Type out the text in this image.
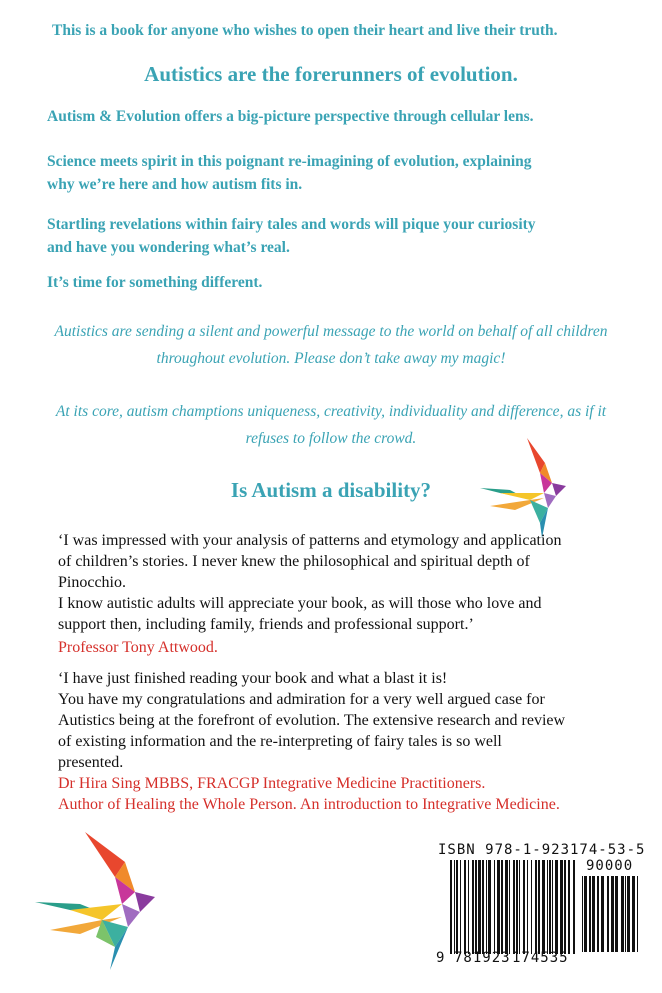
This is a book for anyone who wishes to open their heart and live their truth.
Autistics are the forerunners of evolution.
Autism & Evolution offers a big-picture perspective through cellular lens.
Science meets spirit in this poignant re-imagining of evolution, explaining
why we’re here and how autism fits in.
Startling revelations within fairy tales and words will pique your curiosity
and have you wondering what’s real.
It’s time for something different.
Autistics are sending a silent and powerful message to the world on behalf of all children
throughout evolution. Please don’t take away my magic!
At its core, autism champtions uniqueness, creativity, individuality and difference, as if it
refuses to follow the crowd.
Is Autism a disability?
‘I was impressed with your analysis of patterns and etymology and application
of children’s stories. I never knew the philosophical and spiritual depth of
Pinocchio.
I know autistic adults will appreciate your book, as will those who love and
support then, including family, friends and professional support.’
Professor Tony Attwood.
‘I have just finished reading your book and what a blast it is!
You have my congratulations and admiration for a very well argued case for
Autistics being at the forefront of evolution. The extensive research and review
of existing information and the re-interpreting of fairy tales is so well
presented.
Dr Hira Sing MBBS, FRACGP Integrative Medicine Practitioners.
Author of Healing the Whole Person. An introduction to Integrative Medicine.
ISBN 978-1-923174-53-5
90000
9 781923 174535
